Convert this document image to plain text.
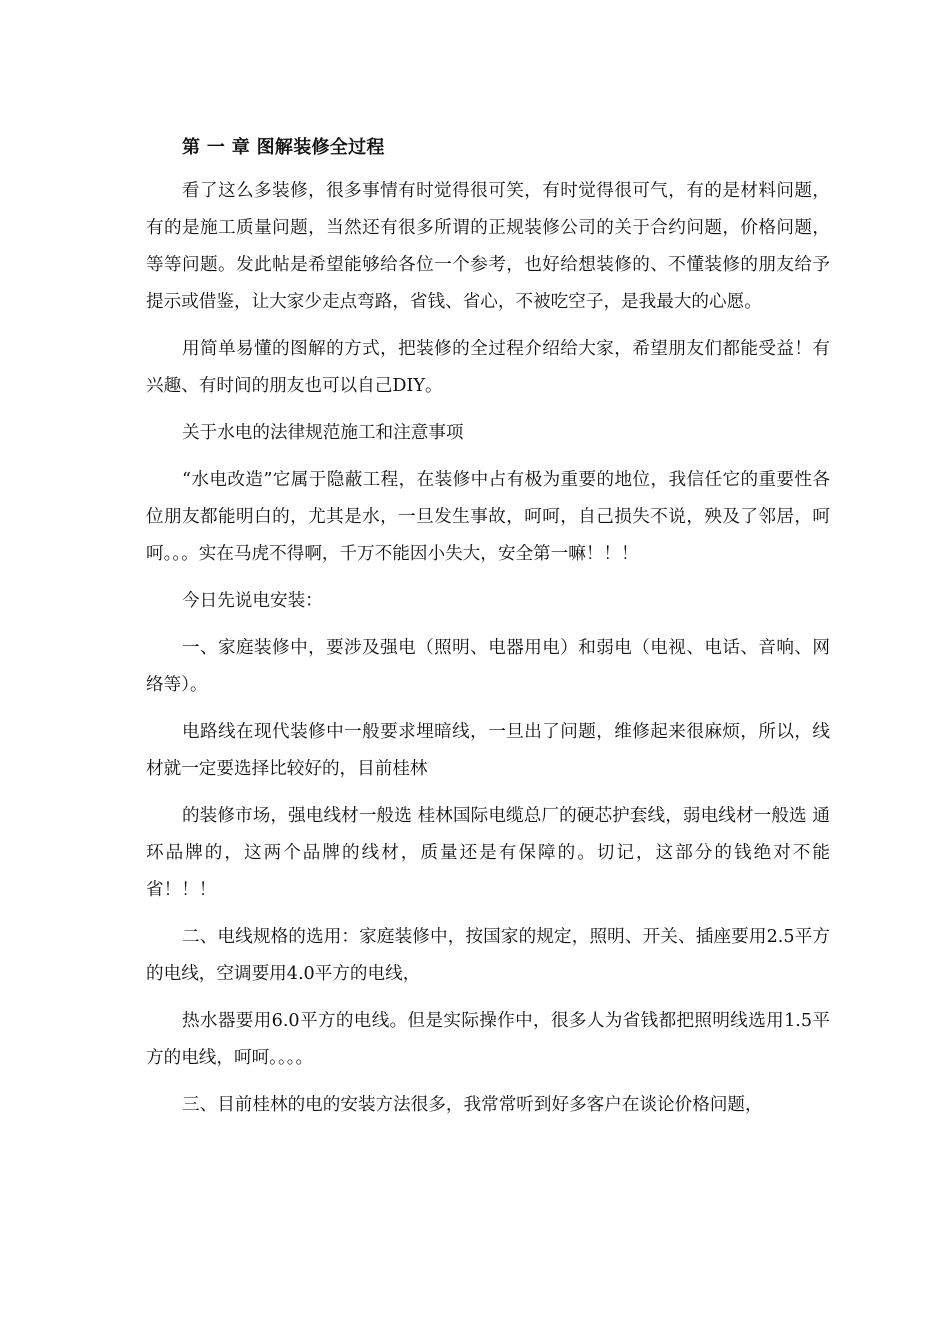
第 一 章 图解装修全过程

看了这么多装修，很多事情有时觉得很可笑，有时觉得很可气，有的是材料问题，有的是施工质量问题，当然还有很多所谓的正规装修公司的关于合约问题，价格问题，等等问题。发此帖是希望能够给各位一个参考，也好给想装修的、不懂装修的朋友给予提示或借鉴，让大家少走点弯路，省钱、省心，不被吃空子，是我最大的心愿。

用简单易懂的图解的方式，把装修的全过程介绍给大家，希望朋友们都能受益！有兴趣、有时间的朋友也可以自己DIY。

关于水电的法律规范施工和注意事项

“水电改造”它属于隐蔽工程，在装修中占有极为重要的地位，我信任它的重要性各位朋友都能明白的，尤其是水，一旦发生事故，呵呵，自己损失不说，殃及了邻居，呵呵。。。实在马虎不得啊，千万不能因小失大，安全第一嘛！！！

今日先说电安装：

一、家庭装修中，要涉及强电（照明、电器用电）和弱电（电视、电话、音响、网络等）。

电路线在现代装修中一般要求埋暗线，一旦出了问题，维修起来很麻烦，所以，线材就一定要选择比较好的，目前桂林

的装修市场，强电线材一般选 桂林国际电缆总厂的硬芯护套线，弱电线材一般选 通环品牌的，这两个品牌的线材，质量还是有保障的。切记，这部分的钱绝对不能省！！！

二、电线规格的选用：家庭装修中，按国家的规定，照明、开关、插座要用2.5平方的电线，空调要用4.0平方的电线，

热水器要用6.0平方的电线。但是实际操作中，很多人为省钱都把照明线选用1.5平方的电线，呵呵。。。。

三、目前桂林的电的安装方法很多，我常常听到好多客户在谈论价格问题，
